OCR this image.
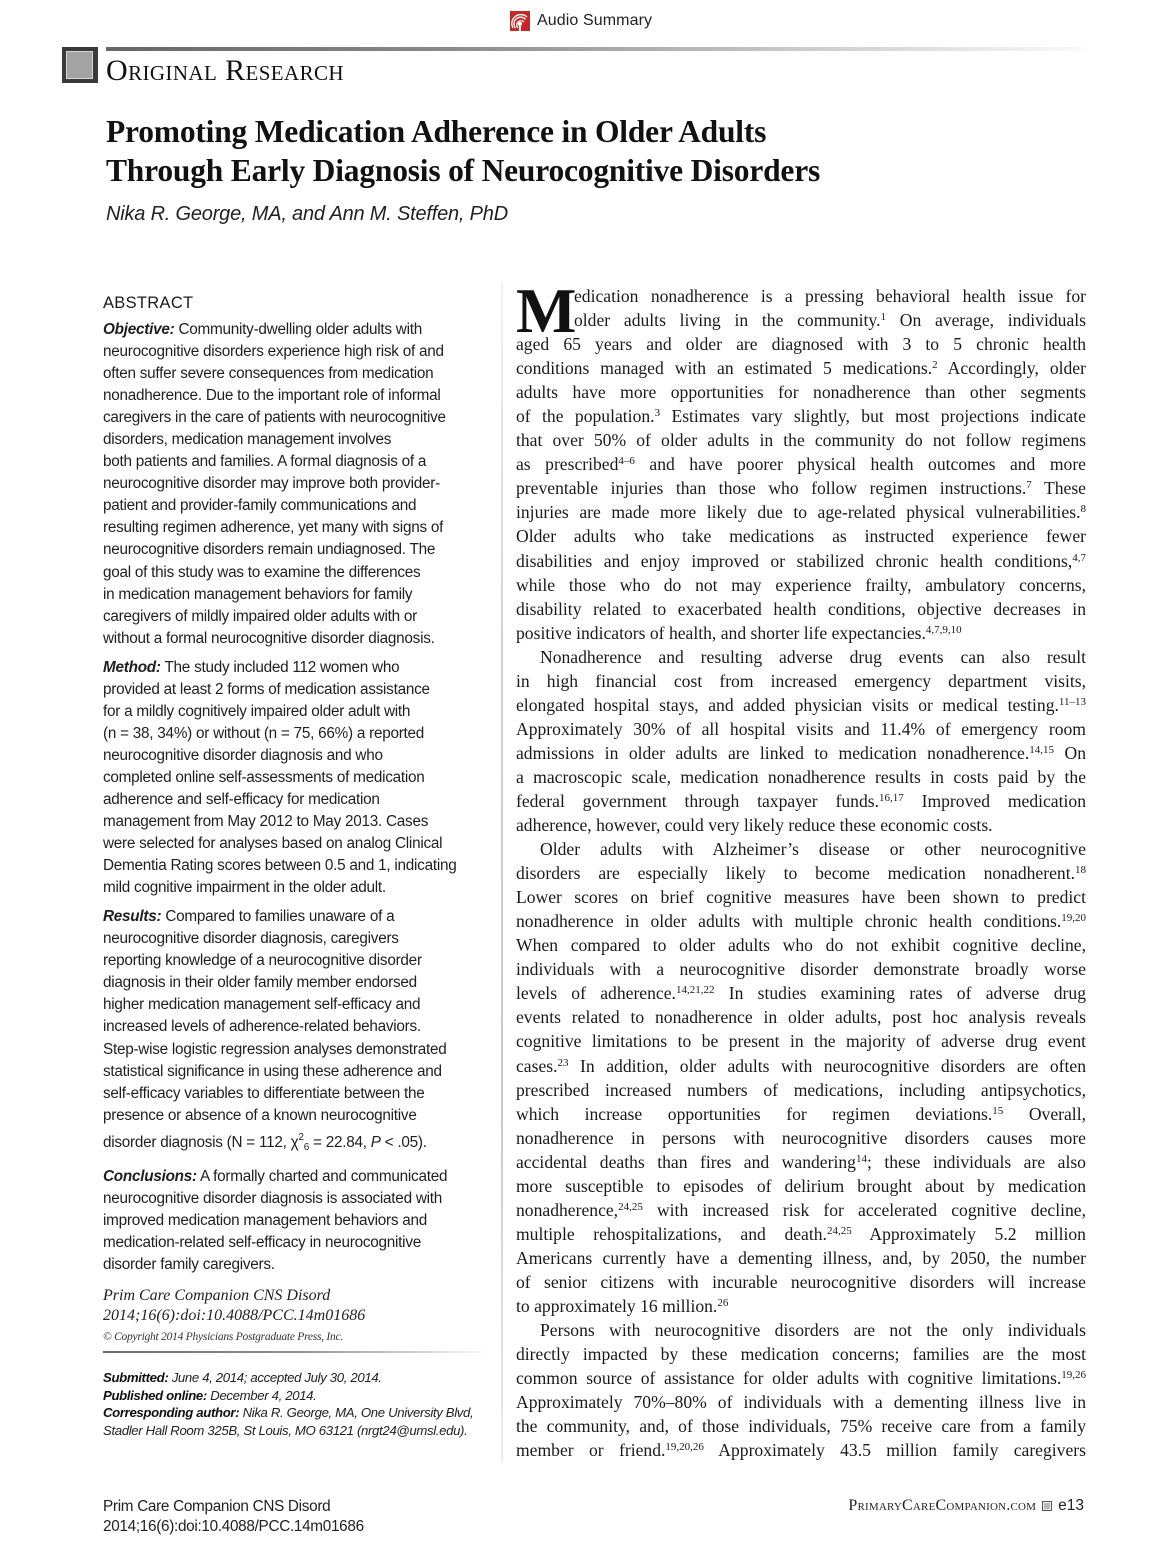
Audio Summary
Original Research
Promoting Medication Adherence in Older Adults
Through Early Diagnosis of Neurocognitive Disorders
Nika R. George, MA, and Ann M. Steffen, PhD
ABSTRACT
Objective: Community-dwelling older adults with
neurocognitive disorders experience high risk of and
often suffer severe consequences from medication
nonadherence. Due to the important role of informal
caregivers in the care of patients with neurocognitive
disorders, medication management involves
both patients and families. A formal diagnosis of a
neurocognitive disorder may improve both provider-
patient and provider-family communications and
resulting regimen adherence, yet many with signs of
neurocognitive disorders remain undiagnosed. The
goal of this study was to examine the differences
in medication management behaviors for family
caregivers of mildly impaired older adults with or
without a formal neurocognitive disorder diagnosis.
Method: The study included 112 women who
provided at least 2 forms of medication assistance
for a mildly cognitively impaired older adult with
(n = 38, 34%) or without (n = 75, 66%) a reported
neurocognitive disorder diagnosis and who
completed online self-assessments of medication
adherence and self-efficacy for medication
management from May 2012 to May 2013. Cases
were selected for analyses based on analog Clinical
Dementia Rating scores between 0.5 and 1, indicating
mild cognitive impairment in the older adult.
Results: Compared to families unaware of a
neurocognitive disorder diagnosis, caregivers
reporting knowledge of a neurocognitive disorder
diagnosis in their older family member endorsed
higher medication management self-efficacy and
increased levels of adherence-related behaviors.
Step-wise logistic regression analyses demonstrated
statistical significance in using these adherence and
self-efficacy variables to differentiate between the
presence or absence of a known neurocognitive
disorder diagnosis (N = 112, $\chi^2_6 = 22.84$, P < .05).
Conclusions: A formally charted and communicated
neurocognitive disorder diagnosis is associated with
improved medication management behaviors and
medication-related self-efficacy in neurocognitive
disorder family caregivers.
Prim Care Companion CNS Disord
2014;16(6):doi:10.4088/PCC.14m01686
© Copyright 2014 Physicians Postgraduate Press, Inc.
Submitted: June 4, 2014; accepted July 30, 2014.
Published online: December 4, 2014.
Corresponding author: Nika R. George, MA, One University Blvd,
Stadler Hall Room 325B, St Louis, MO 63121 (nrgt24@umsl.edu).
M
edication nonadherence is a pressing behavioral health issue for
older adults living in the community.$^1$ On average, individuals
aged 65 years and older are diagnosed with 3 to 5 chronic health
conditions managed with an estimated 5 medications.$^2$ Accordingly, older
adults have more opportunities for nonadherence than other segments
of the population.$^3$ Estimates vary slightly, but most projections indicate
that over 50% of older adults in the community do not follow regimens
as prescribed$^{4-6}$ and have poorer physical health outcomes and more
preventable injuries than those who follow regimen instructions.$^7$ These
injuries are made more likely due to age-related physical vulnerabilities.$^8$
Older adults who take medications as instructed experience fewer
disabilities and enjoy improved or stabilized chronic health conditions,$^{4,7}$
while those who do not may experience frailty, ambulatory concerns,
disability related to exacerbated health conditions, objective decreases in
positive indicators of health, and shorter life expectancies.$^{4,7,9,10}$
Nonadherence and resulting adverse drug events can also result
in high financial cost from increased emergency department visits,
elongated hospital stays, and added physician visits or medical testing.$^{11-13}$
Approximately 30% of all hospital visits and 11.4% of emergency room
admissions in older adults are linked to medication nonadherence.$^{14,15}$ On
a macroscopic scale, medication nonadherence results in costs paid by the
federal government through taxpayer funds.$^{16,17}$ Improved medication
adherence, however, could very likely reduce these economic costs.
Older adults with Alzheimer’s disease or other neurocognitive
disorders are especially likely to become medication nonadherent.$^{18}$
Lower scores on brief cognitive measures have been shown to predict
nonadherence in older adults with multiple chronic health conditions.$^{19,20}$
When compared to older adults who do not exhibit cognitive decline,
individuals with a neurocognitive disorder demonstrate broadly worse
levels of adherence.$^{14,21,22}$ In studies examining rates of adverse drug
events related to nonadherence in older adults, post hoc analysis reveals
cognitive limitations to be present in the majority of adverse drug event
cases.$^{23}$ In addition, older adults with neurocognitive disorders are often
prescribed increased numbers of medications, including antipsychotics,
which increase opportunities for regimen deviations.$^{15}$ Overall,
nonadherence in persons with neurocognitive disorders causes more
accidental deaths than fires and wandering$^{14}$; these individuals are also
more susceptible to episodes of delirium brought about by medication
nonadherence,$^{24,25}$ with increased risk for accelerated cognitive decline,
multiple rehospitalizations, and death.$^{24,25}$ Approximately 5.2 million
Americans currently have a dementing illness, and, by 2050, the number
of senior citizens with incurable neurocognitive disorders will increase
to approximately 16 million.$^{26}$
Persons with neurocognitive disorders are not the only individuals
directly impacted by these medication concerns; families are the most
common source of assistance for older adults with cognitive limitations.$^{19,26}$
Approximately 70%–80% of individuals with a dementing illness live in
the community, and, of those individuals, 75% receive care from a family
member or friend.$^{19,20,26}$ Approximately 43.5 million family caregivers
Prim Care Companion CNS Disord
2014;16(6):doi:10.4088/PCC.14m01686
PrimaryCareCompanion.com e13
